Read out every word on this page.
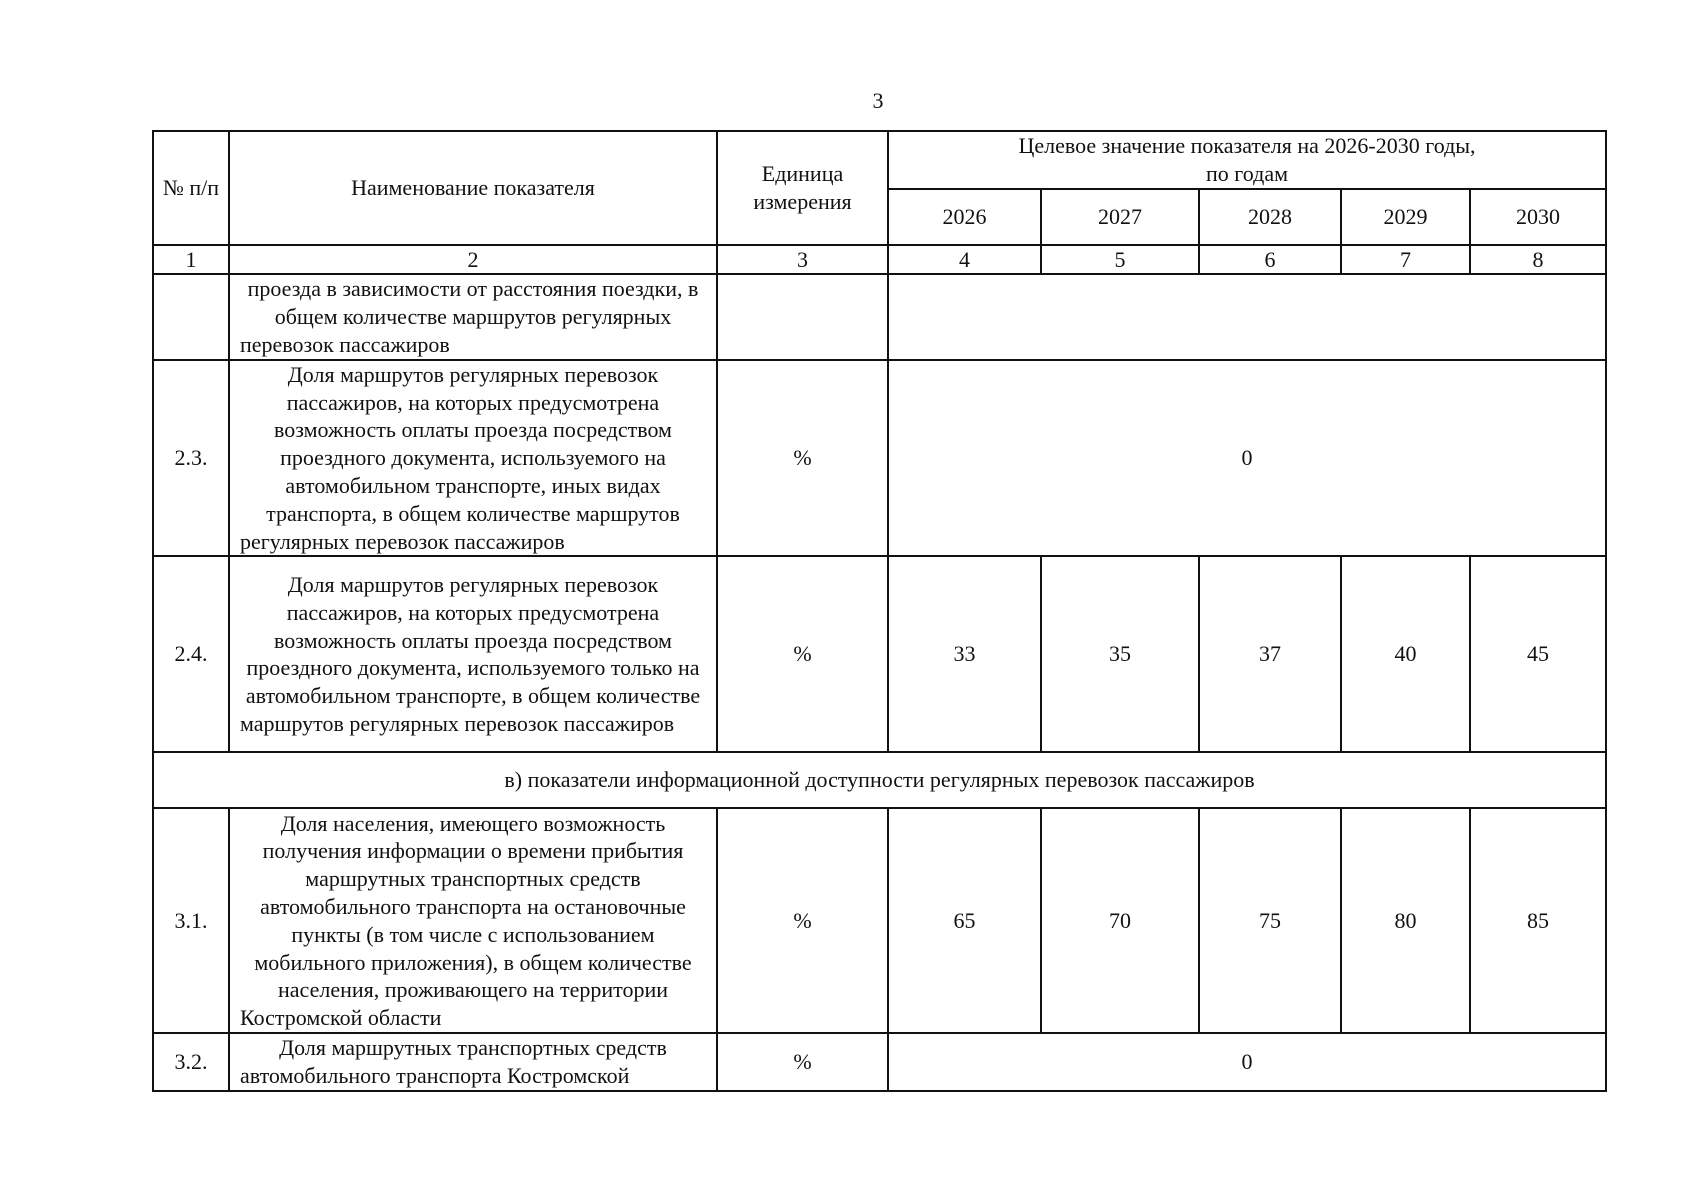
3
№ п/п	Наименование показателя	Единица измерения	Целевое значение показателя на 2026-2030 годы,
по годам				

			2026	2027	2028	2029	2030
1	2	3	4	5	6	7	8
	проезда в зависимости от расстояния поездки, в общем количестве маршрутов регулярных перевозок пассажиров						
2.3.	Доля маршрутов регулярных перевозок пассажиров, на которых предусмотрена возможность оплаты проезда посредством проездного документа, используемого на автомобильном транспорте, иных видах транспорта, в общем количестве маршрутов регулярных перевозок пассажиров	%	0				
2.4.	Доля маршрутов регулярных перевозок пассажиров, на которых предусмотрена возможность оплаты проезда посредством проездного документа, используемого только на автомобильном транспорте, в общем количестве маршрутов регулярных перевозок пассажиров	%	33	35	37	40	45
в) показатели информационной доступности регулярных перевозок пассажиров							
3.1.	Доля населения, имеющего возможность получения информации о времени прибытия маршрутных транспортных средств автомобильного транспорта на остановочные пункты (в том числе с использованием мобильного приложения), в общем количестве населения, проживающего на территории Костромской области	%	65	70	75	80	85
3.2.	Доля маршрутных транспортных средств автомобильного транспорта Костромской	%	0				
